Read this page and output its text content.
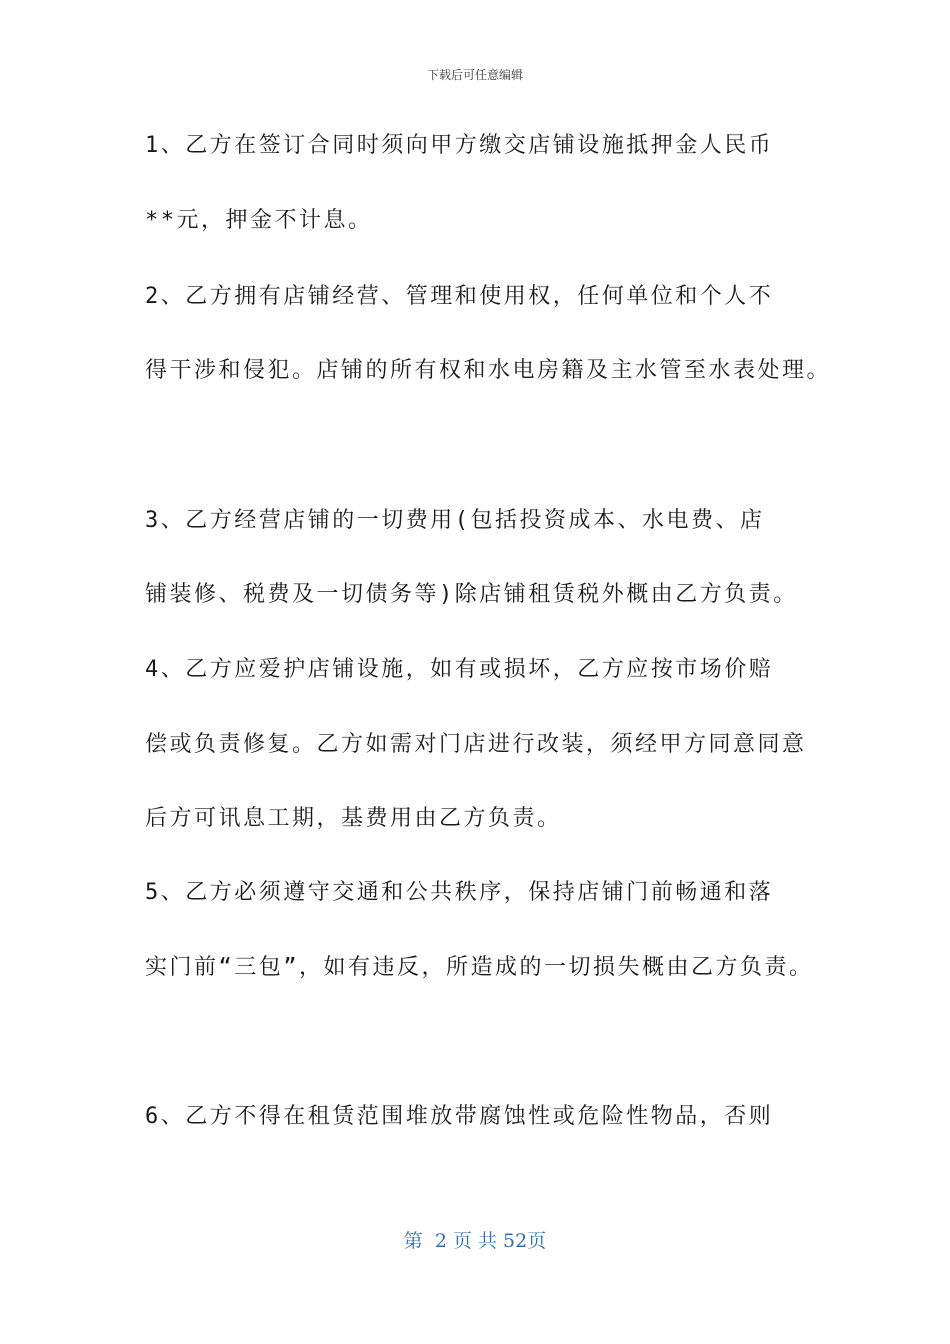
下载后可任意编辑
1、乙方在签订合同时须向甲方缴交店铺设施抵押金人民币
**元，押金不计息。
2、乙方拥有店铺经营、管理和使用权，任何单位和个人不
得干涉和侵犯。店铺的所有权和水电房籍及主水管至水表处理。
3、乙方经营店铺的一切费用(包括投资成本、水电费、店
铺装修、税费及一切债务等)除店铺租赁税外概由乙方负责。
4、乙方应爱护店铺设施，如有或损坏，乙方应按市场价赔
偿或负责修复。乙方如需对门店进行改装，须经甲方同意同意
后方可讯息工期，基费用由乙方负责。
5、乙方必须遵守交通和公共秩序，保持店铺门前畅通和落
实门前“三包”，如有违反，所造成的一切损失概由乙方负责。
6、乙方不得在租赁范围堆放带腐蚀性或危险性物品，否则
第  2 页 共 52页
